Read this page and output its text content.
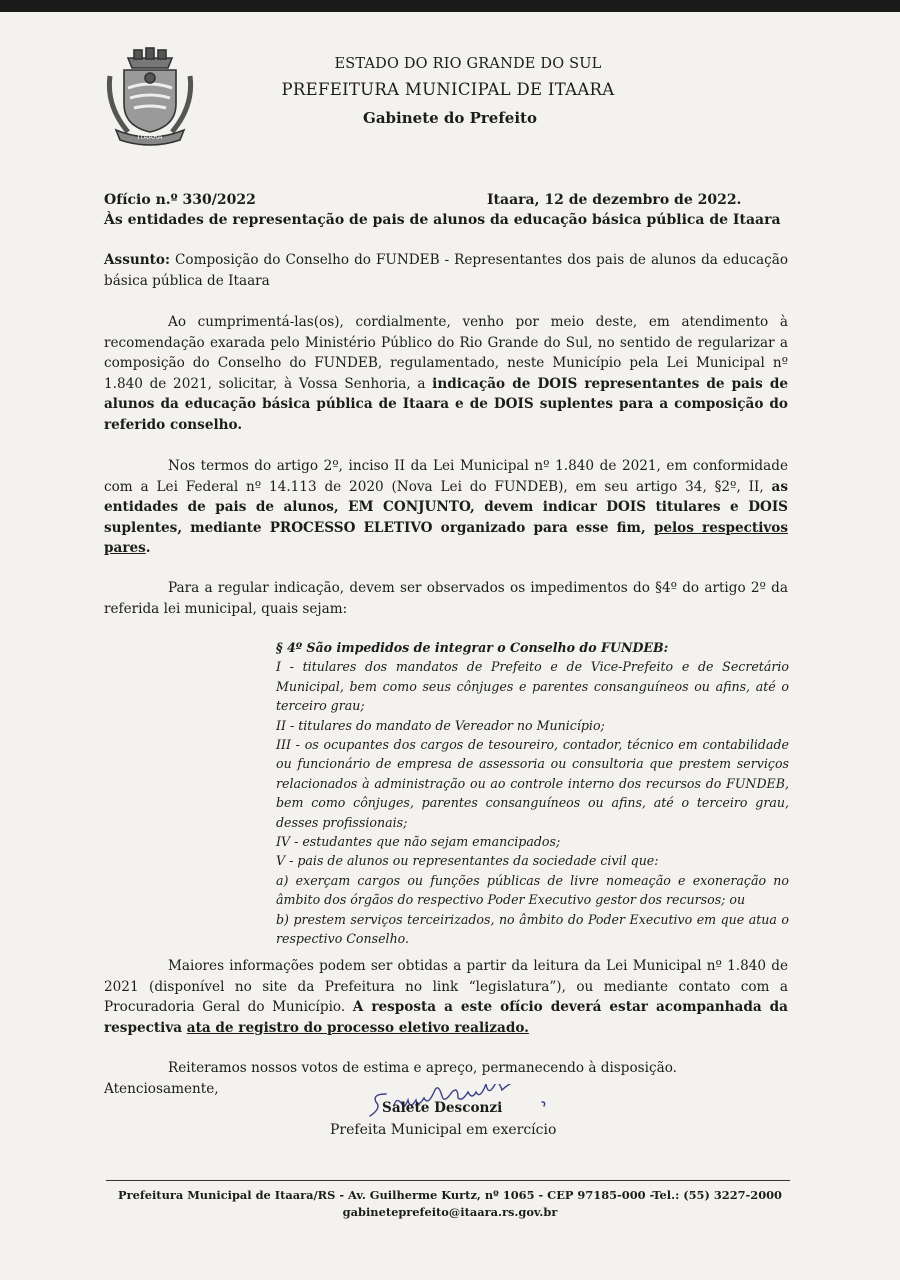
ITAARA
ESTADO DO RIO GRANDE DO SUL
PREFEITURA MUNICIPAL DE ITAARA
Gabinete do Prefeito
Ofício n.º 330/2022	Itaara, 12 de dezembro de 2022.
Às entidades de representação de pais de alunos da educação básica pública de Itaara

Assunto: Composição do Conselho do FUNDEB - Representantes dos pais de alunos da educação básica pública de Itaara

Ao cumprimentá-las(os), cordialmente, venho por meio deste, em atendimento à recomendação exarada pelo Ministério Público do Rio Grande do Sul, no sentido de regularizar a composição do Conselho do FUNDEB, regulamentado, neste Município pela Lei Municipal nº 1.840 de 2021, solicitar, à Vossa Senhoria, a indicação de DOIS representantes de pais de alunos da educação básica pública de Itaara e de DOIS suplentes para a composição do referido conselho.

Nos termos do artigo 2º, inciso II da Lei Municipal nº 1.840 de 2021, em conformidade com a Lei Federal nº 14.113 de 2020 (Nova Lei do FUNDEB), em seu artigo 34, §2º, II, as entidades de pais de alunos, EM CONJUNTO, devem indicar DOIS titulares e DOIS suplentes, mediante PROCESSO ELETIVO organizado para esse fim, pelos respectivos pares.

Para a regular indicação, devem ser observados os impedimentos do §4º do artigo 2º da referida lei municipal, quais sejam:

§ 4º São impedidos de integrar o Conselho do FUNDEB:

I - titulares dos mandatos de Prefeito e de Vice-Prefeito e de Secretário Municipal, bem como seus cônjuges e parentes consanguíneos ou afins, até o terceiro grau;

II - titulares do mandato de Vereador no Município;

III - os ocupantes dos cargos de tesoureiro, contador, técnico em contabilidade ou funcionário de empresa de assessoria ou consultoria que prestem serviços relacionados à administração ou ao controle interno dos recursos do FUNDEB, bem como cônjuges, parentes consanguíneos ou afins, até o terceiro grau, desses profissionais;

IV - estudantes que não sejam emancipados;

V - pais de alunos ou representantes da sociedade civil que:

a) exerçam cargos ou funções públicas de livre nomeação e exoneração no âmbito dos órgãos do respectivo Poder Executivo gestor dos recursos; ou

b) prestem serviços terceirizados, no âmbito do Poder Executivo em que atua o respectivo Conselho.

Maiores informações podem ser obtidas a partir da leitura da Lei Municipal nº 1.840 de 2021 (disponível no site da Prefeitura no link “legislatura”), ou mediante contato com a Procuradoria Geral do Município. A resposta a este ofício deverá estar acompanhada da respectiva ata de registro do processo eletivo realizado.

Reiteramos nossos votos de estima e apreço, permanecendo à disposição.

Atenciosamente,

Salete Desconzi
Prefeita Municipal em exercício
Prefeitura Municipal de Itaara/RS - Av. Guilherme Kurtz, nº 1065 - CEP 97185-000 -Tel.: (55) 3227-2000
gabineteprefeito@itaara.rs.gov.br
